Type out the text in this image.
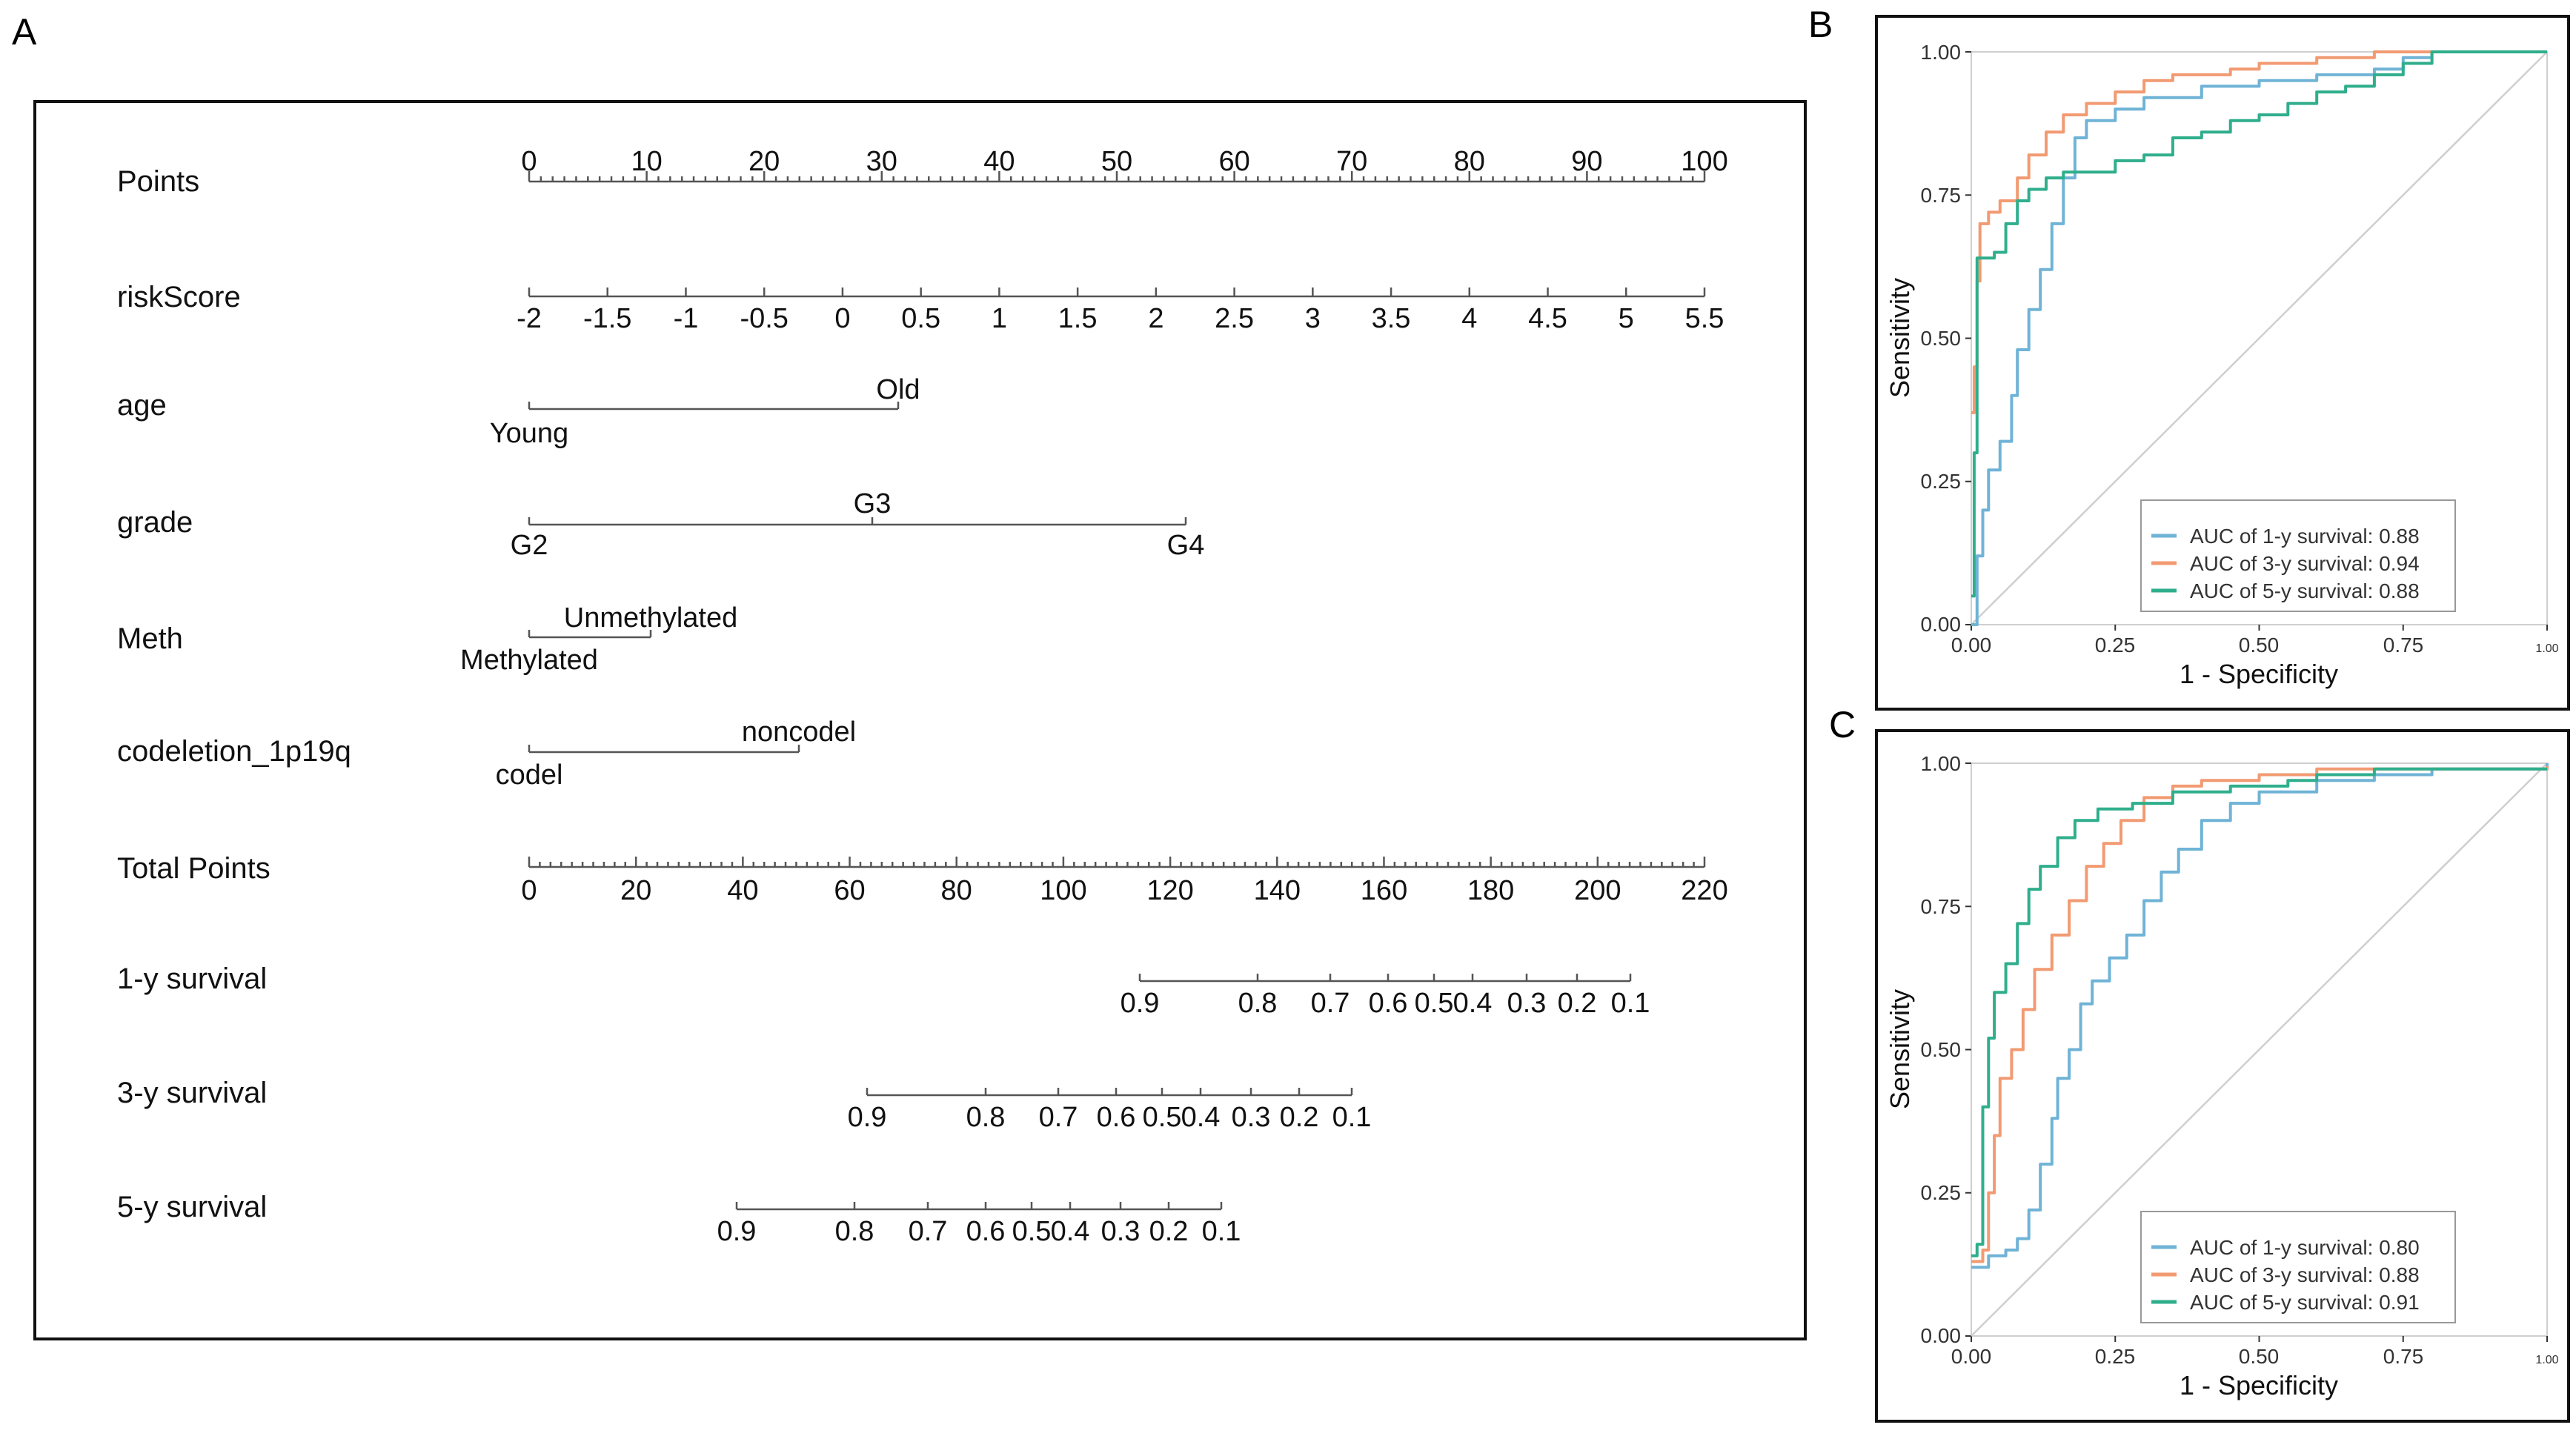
A	B
C
Points
riskScore
age
grade
Meth
codeletion_1p19q
Total Points
1-y survival
3-y survival
5-y survival
0	10	20	30	40	50	60	70	80	90	100
-2 -1.5 -1 -0.5 0 0.5 1 1.5 2 2.5 3 3.5 4 4.5 5 5.5
Young
Old
G2
G3
G4
Methylated
Unmethylated
codel
noncodel
0	20	40	60	80 100 120 140 160 180 200 220
0.9	0.8 0.7 0.6 0.5 0.4 0.3 0.2 0.1
0.9	0.8 0.7 0.6 0.5 0.4 0.3 0.2 0.1
0.9	0.8 0.7 0.6 0.5 0.4 0.3 0.2 0.1
0.00
0.25
0.50
0.75
1.00
0.00	0.25	0.50	0.75	1.00
1 - Specificity
Sensitivity
AUC of 1-y survival: 0.88
AUC of 3-y survival: 0.94
AUC of 5-y survival: 0.88
0.00
0.25
0.50
0.75
1.00
0.00	0.25	0.50	0.75	1.00
1 - Specificity
Sensitivity
AUC of 1-y survival: 0.80
AUC of 3-y survival: 0.88
AUC of 5-y survival: 0.91
